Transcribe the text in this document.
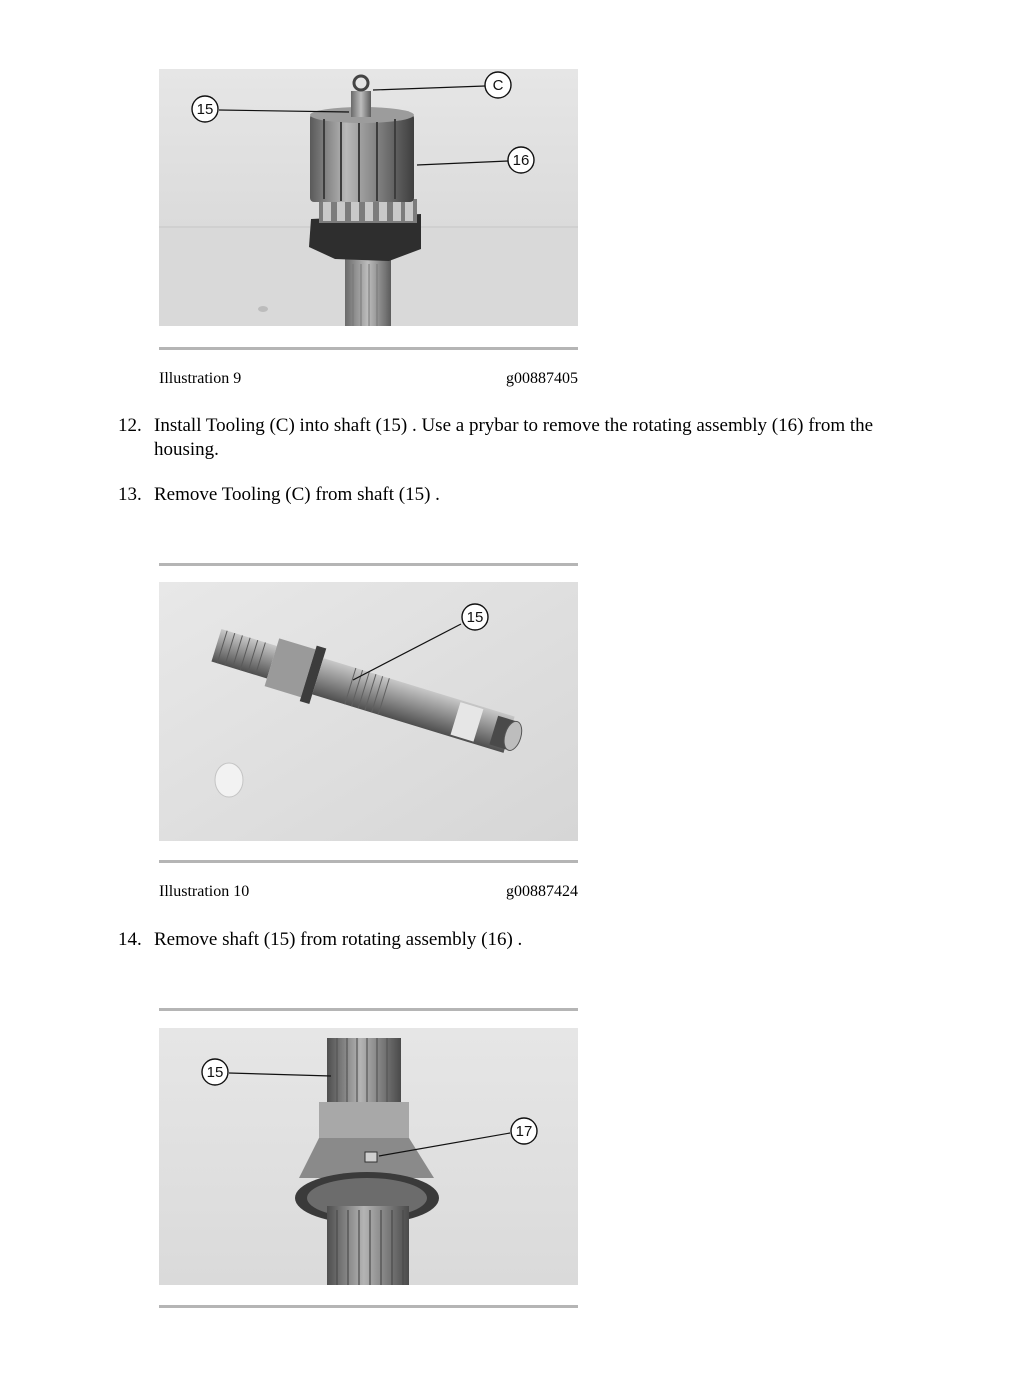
15
C
16
Illustration 9	g00887405
12. Install Tooling (C) into shaft (15) . Use a prybar to remove the rotating assembly (16) from the housing.
13. Remove Tooling (C) from shaft (15) .
15
Illustration 10	g00887424
14. Remove shaft (15) from rotating assembly (16) .
15
17
